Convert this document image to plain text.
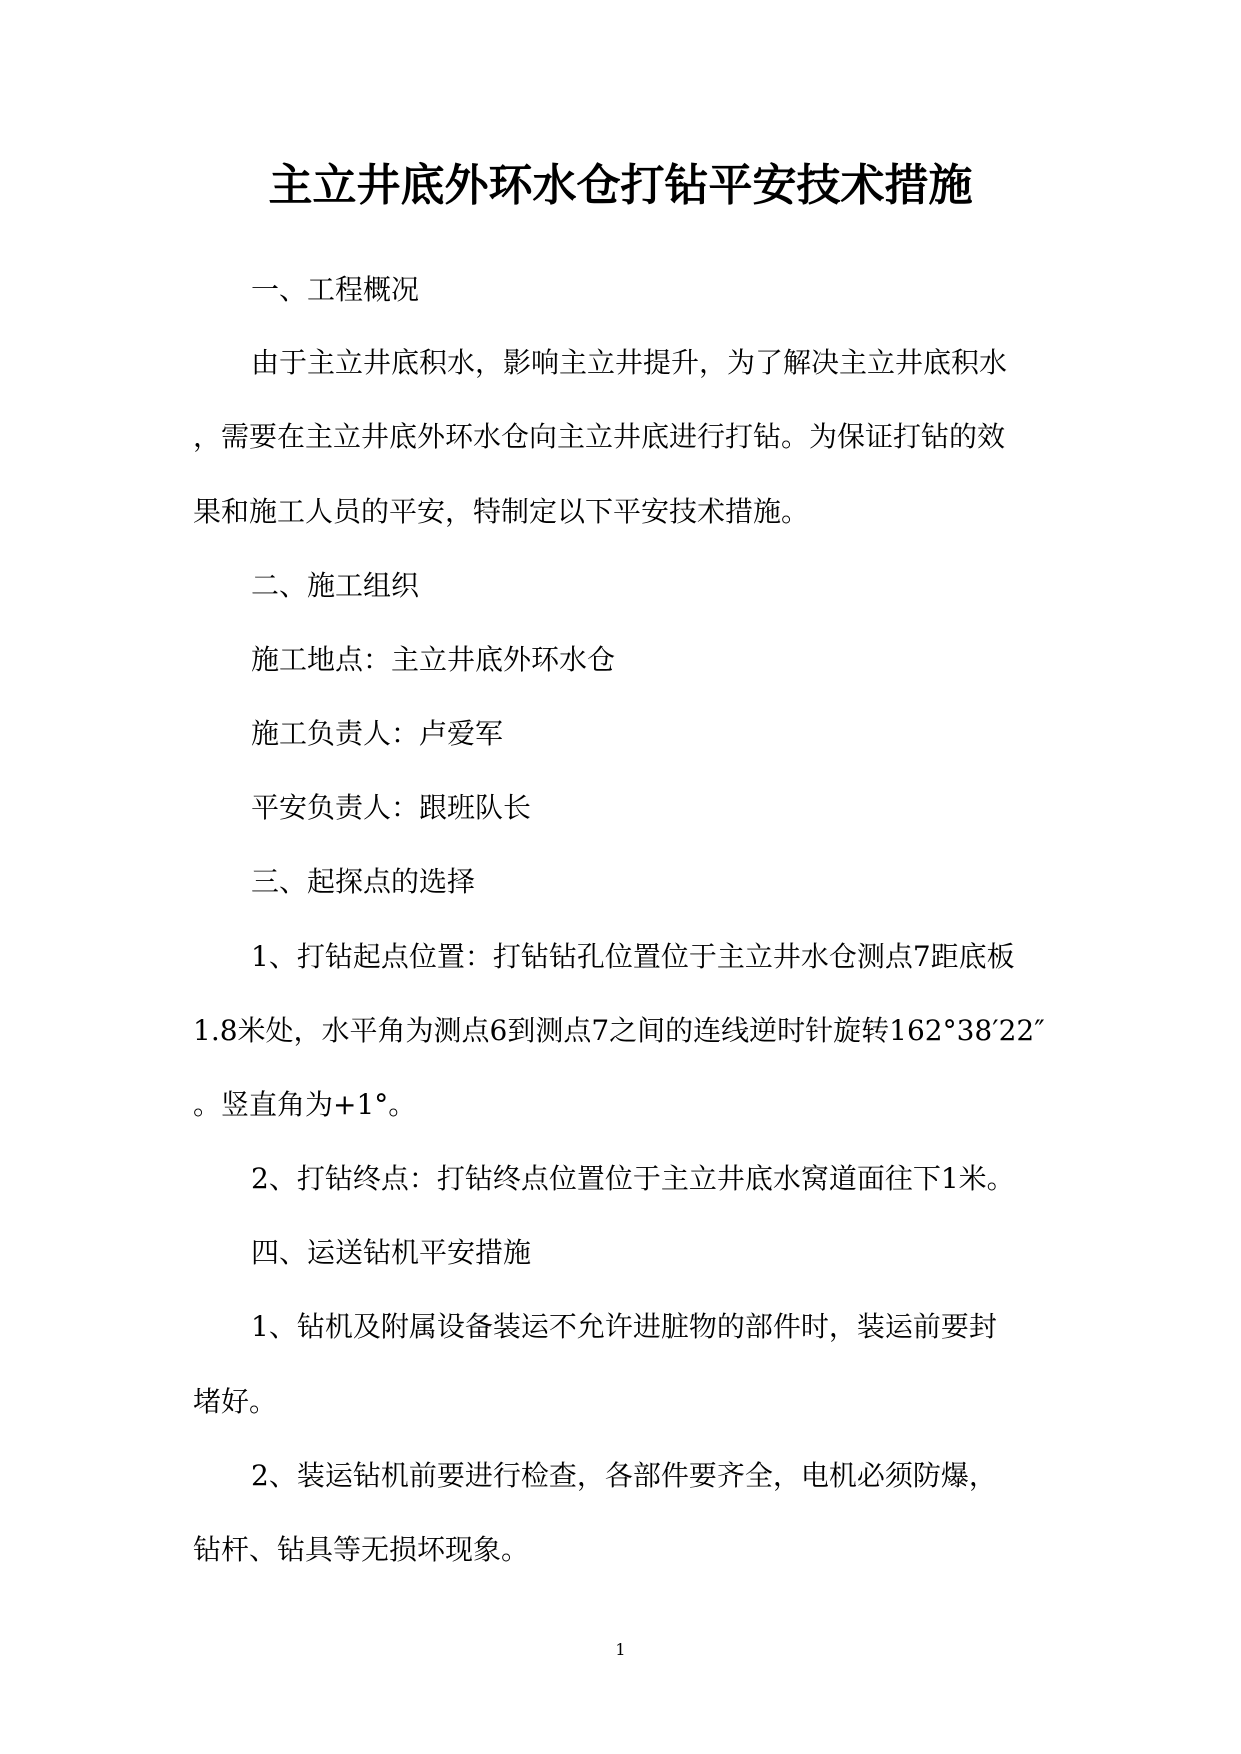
主立井底外环水仓打钻平安技术措施
一、工程概况
由于主立井底积水，影响主立井提升，为了解决主立井底积水
，需要在主立井底外环水仓向主立井底进行打钻。为保证打钻的效
果和施工人员的平安，特制定以下平安技术措施。
二、施工组织
施工地点：主立井底外环水仓
施工负责人：卢爱军
平安负责人：跟班队长
三、起探点的选择
1、打钻起点位置：打钻钻孔位置位于主立井水仓测点7距底板
1.8米处，水平角为测点6到测点7之间的连线逆时针旋转162°38′22″
。竖直角为+1°。
2、打钻终点：打钻终点位置位于主立井底水窝道面往下1米。
四、运送钻机平安措施
1、钻机及附属设备装运不允许进脏物的部件时，装运前要封
堵好。
2、装运钻机前要进行检查，各部件要齐全，电机必须防爆，
钻杆、钻具等无损坏现象。
1
